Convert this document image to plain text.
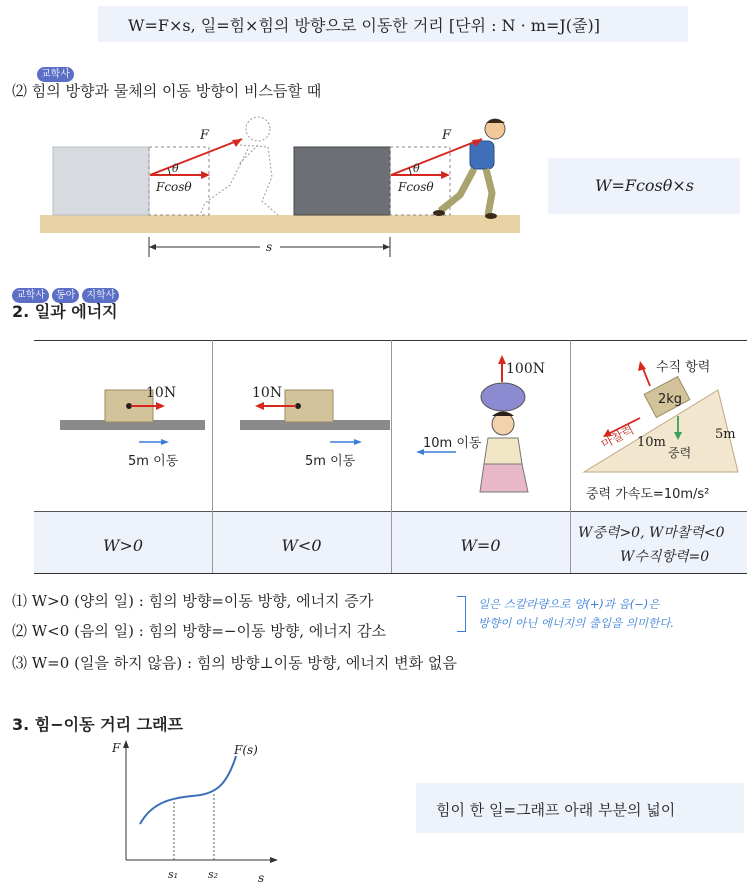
W=F×s, 일=힘×힘의 방향으로 이동한 거리 [단위 : N · m=J(줄)]
교학사
⑵ 힘의 방향과 물체의 이동 방향이 비스듬할 때
F
θ
Fcosθ
F
θ
Fcosθ
s
W=Fcosθ×s
교학사 동아 지학사
2. 일과 에너지
10N
5m 이동
W>0
10N
5m 이동
W<0
100N
10m 이동
W=0
수직 항력
2kg
마찰력 10m
중력
5m
중력 가속도=10m/s²
W중력>0, W마찰력<0
W수직항력=0
⑴ W>0 (양의 일) : 힘의 방향=이동 방향, 에너지 증가
⑵ W<0 (음의 일) : 힘의 방향=−이동 방향, 에너지 감소
⑶ W=0 (일을 하지 않음) : 힘의 방향⊥이동 방향, 에너지 변화 없음
일은 스칼라량으로 양(+)과 음(−)은
방향이 아닌 에너지의 출입을 의미한다.
3. 힘−이동 거리 그래프
F
s
F(s)
s₁	s₂
힘이 한 일=그래프 아래 부분의 넓이
